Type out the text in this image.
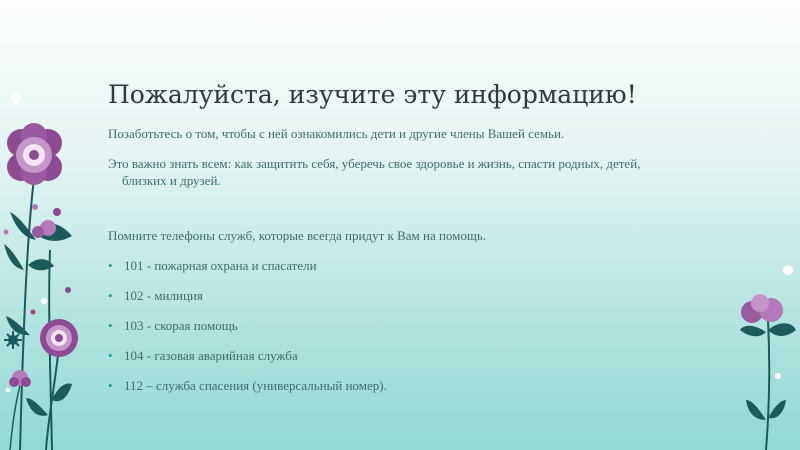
Пожалуйста, изучите эту информацию!

Позаботьтесь о том, чтобы с ней ознакомились дети и другие члены Вашей семьи.

Это важно знать всем: как защитить себя, уберечь свое здоровье и жизнь, спасти родных, детей, близких и друзей.

Помните телефоны служб, которые всегда придут к Вам на помощь.

• 101 - пожарная охрана и спасатели
• 102 - милиция
• 103 - скорая помощь
• 104 - газовая аварийная служба
• 112 – служба спасения (универсальный номер).
